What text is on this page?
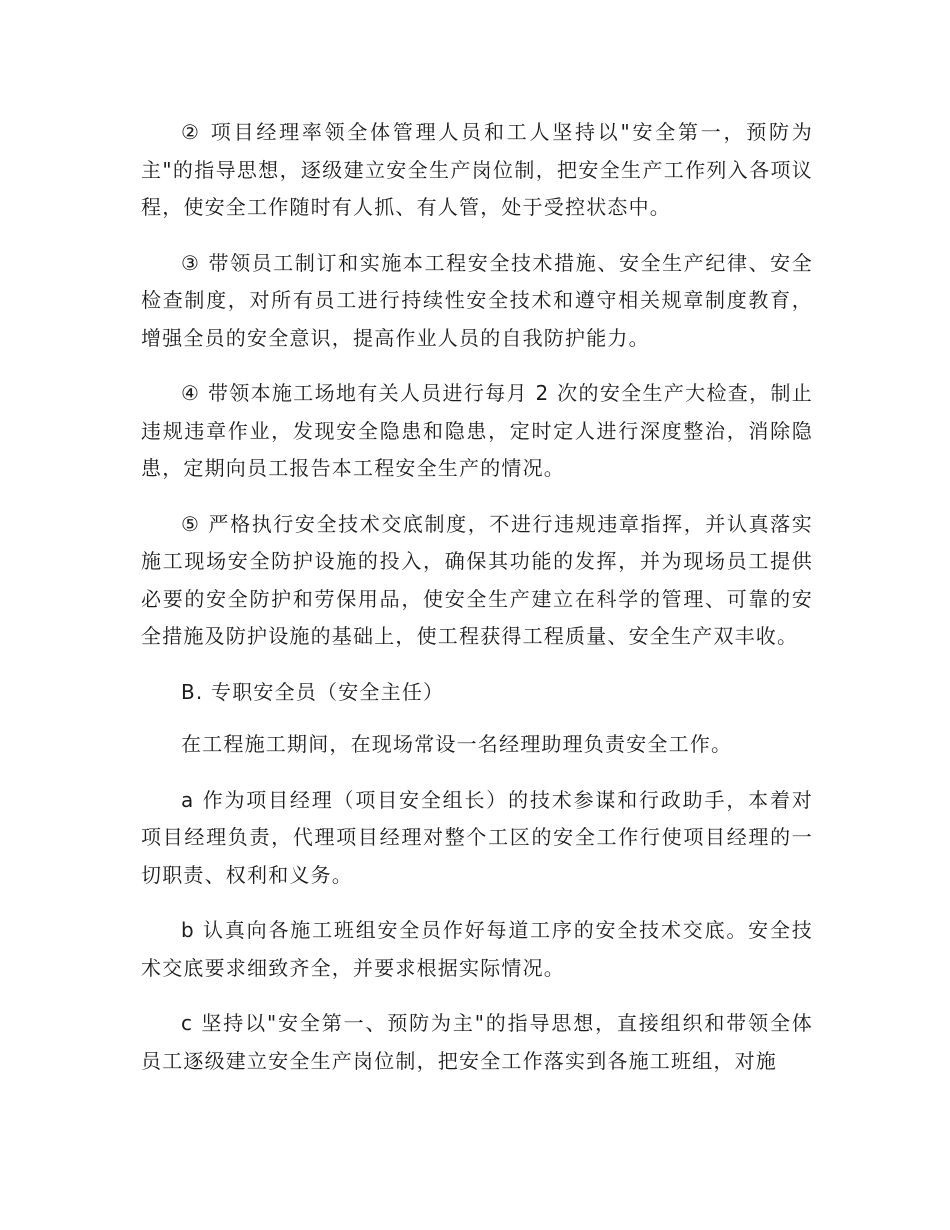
② 项目经理率领全体管理人员和工人坚持以"安全第一，预防为主"的指导思想，逐级建立安全生产岗位制，把安全生产工作列入各项议程，使安全工作随时有人抓、有人管，处于受控状态中。

③ 带领员工制订和实施本工程安全技术措施、安全生产纪律、安全检查制度，对所有员工进行持续性安全技术和遵守相关规章制度教育，增强全员的安全意识，提高作业人员的自我防护能力。

④ 带领本施工场地有关人员进行每月 2 次的安全生产大检查，制止违规违章作业，发现安全隐患和隐患，定时定人进行深度整治，消除隐患，定期向员工报告本工程安全生产的情况。

⑤ 严格执行安全技术交底制度，不进行违规违章指挥，并认真落实施工现场安全防护设施的投入，确保其功能的发挥，并为现场员工提供必要的安全防护和劳保用品，使安全生产建立在科学的管理、可靠的安全措施及防护设施的基础上，使工程获得工程质量、安全生产双丰收。

B. 专职安全员（安全主任）

在工程施工期间，在现场常设一名经理助理负责安全工作。

a 作为项目经理（项目安全组长）的技术参谋和行政助手，本着对项目经理负责，代理项目经理对整个工区的安全工作行使项目经理的一切职责、权利和义务。

b 认真向各施工班组安全员作好每道工序的安全技术交底。安全技术交底要求细致齐全，并要求根据实际情况。

c 坚持以"安全第一、预防为主"的指导思想，直接组织和带领全体员工逐级建立安全生产岗位制，把安全工作落实到各施工班组，对施
